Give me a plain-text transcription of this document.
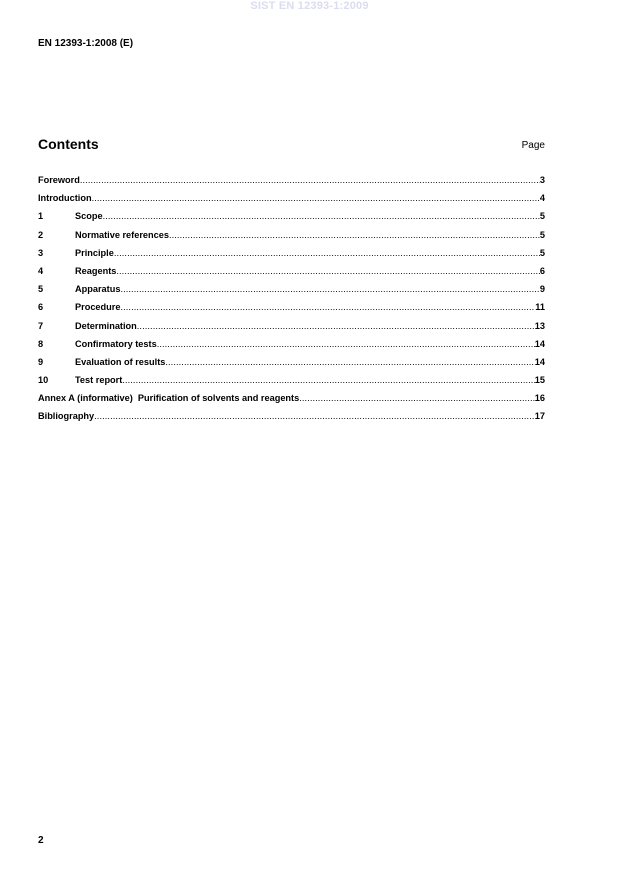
SIST EN 12393-1:2009
EN 12393-1:2008 (E)
Contents	Page
Foreword .....	3
Introduction .....	4
1	Scope .....	5
2	Normative references .....	5
3	Principle .....	5
4	Reagents .....	6
5	Apparatus .....	9
6	Procedure .....	11
7	Determination .....	13
8	Confirmatory tests .....	14
9	Evaluation of results .....	14
10	Test report .....	15
Annex A (informative)  Purification of solvents and reagents .....	16
Bibliography .....	17
2
